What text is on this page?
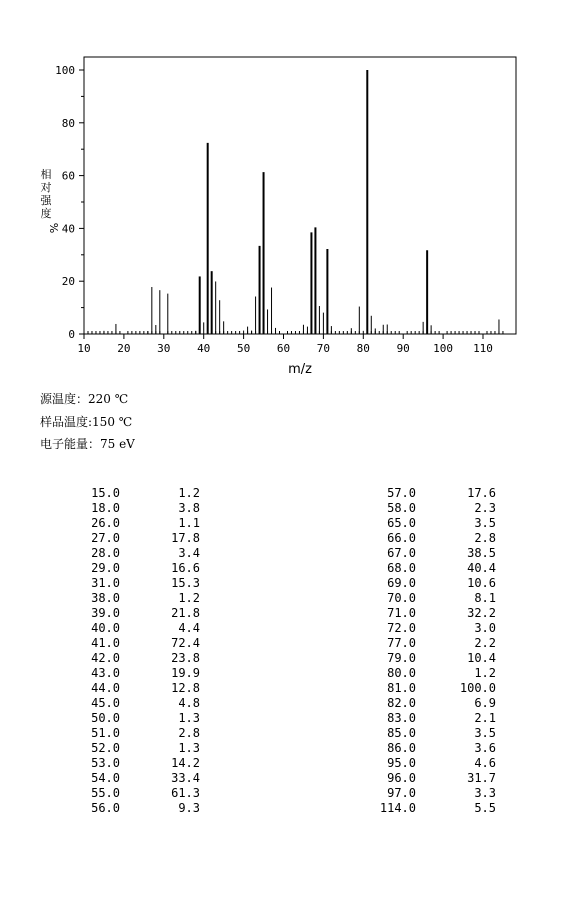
0
20
40
60
80
100
10 20 30 40 50 60 70 80 90 100 110
m/z
相
对
强
度
%
源温度：220 ℃
样品温度:150 ℃
电子能量：75 eV
15.0	1.2
18.0	3.8
26.0	1.1
27.0	17.8
28.0	3.4
29.0	16.6
31.0	15.3
38.0	1.2
39.0	21.8
40.0	4.4
41.0	72.4
42.0	23.8
43.0	19.9
44.0	12.8
45.0	4.8
50.0	1.3
51.0	2.8
52.0	1.3
53.0	14.2
54.0	33.4
55.0	61.3
56.0	9.3
57.0	17.6
58.0	2.3
65.0	3.5
66.0	2.8
67.0	38.5
68.0	40.4
69.0	10.6
70.0	8.1
71.0	32.2
72.0	3.0
77.0	2.2
79.0	10.4
80.0	1.2
81.0	100.0
82.0	6.9
83.0	2.1
85.0	3.5
86.0	3.6
95.0	4.6
96.0	31.7
97.0	3.3
114.0	5.5
